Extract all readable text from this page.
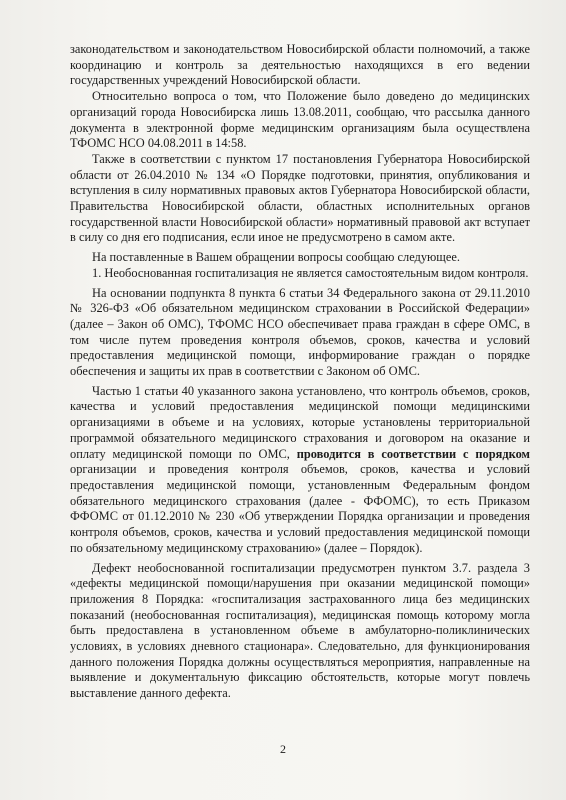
законодательством и законодательством Новосибирской области полномочий, а также координацию и контроль за деятельностью находящихся в его ведении государственных учреждений Новосибирской области.

Относительно вопроса о том, что Положение было доведено до медицинских организаций города Новосибирска лишь 13.08.2011, сообщаю, что рассылка данного документа в электронной форме медицинским организациям была осуществлена ТФОМС НСО 04.08.2011 в 14:58.

Также в соответствии с пунктом 17 постановления Губернатора Новосибирской области от 26.04.2010 № 134 «О Порядке подготовки, принятия, опубликования и вступления в силу нормативных правовых актов Губернатора Новосибирской области, Правительства Новосибирской области, областных исполнительных органов государственной власти Новосибирской области» нормативный правовой акт вступает в силу со дня его подписания, если иное не предусмотрено в самом акте.

На поставленные в Вашем обращении вопросы сообщаю следующее.

1. Необоснованная госпитализация не является самостоятельным видом контроля.

На основании подпункта 8 пункта 6 статьи 34 Федерального закона от 29.11.2010 № 326-ФЗ «Об обязательном медицинском страховании в Российской Федерации» (далее – Закон об ОМС), ТФОМС НСО обеспечивает права граждан в сфере ОМС, в том числе путем проведения контроля объемов, сроков, качества и условий предоставления медицинской помощи, информирование граждан о порядке обеспечения и защиты их прав в соответствии с Законом об ОМС.

Частью 1 статьи 40 указанного закона установлено, что контроль объемов, сроков, качества и условий предоставления медицинской помощи медицинскими организациями в объеме и на условиях, которые установлены территориальной программой обязательного медицинского страхования и договором на оказание и оплату медицинской помощи по ОМС, проводится в соответствии с порядком организации и проведения контроля объемов, сроков, качества и условий предоставления медицинской помощи, установленным Федеральным фондом обязательного медицинского страхования (далее - ФФОМС), то есть Приказом ФФОМС от 01.12.2010 № 230 «Об утверждении Порядка организации и проведения контроля объемов, сроков, качества и условий предоставления медицинской помощи по обязательному медицинскому страхованию» (далее – Порядок).

Дефект необоснованной госпитализации предусмотрен пунктом 3.7. раздела 3 «дефекты медицинской помощи/нарушения при оказании медицинской помощи» приложения 8 Порядка: «госпитализация застрахованного лица без медицинских показаний (необоснованная госпитализация), медицинская помощь которому могла быть предоставлена в установленном объеме в амбулаторно-поликлинических условиях, в условиях дневного стационара». Следовательно, для функционирования данного положения Порядка должны осуществляться мероприятия, направленные на выявление и документальную фиксацию обстоятельств, которые могут повлечь выставление данного дефекта.

2
